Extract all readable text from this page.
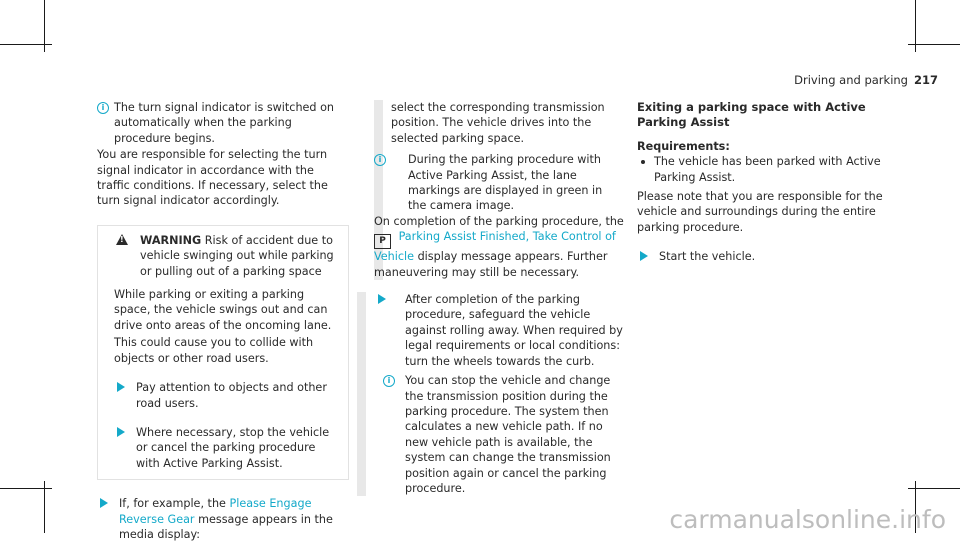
Driving and parking 217
i The turn signal indicator is switched on automatically when the parking procedure begins.

You are responsible for selecting the turn signal indicator in accordance with the traffic conditions. If necessary, select the turn signal indicator accordingly.

! WARNING Risk of accident due to vehicle swinging out while parking or pulling out of a parking space

While parking or exiting a parking space, the vehicle swings out and can drive onto areas of the oncoming lane.

This could cause you to collide with objects or other road users.

Pay attention to objects and other road users.

Where necessary, stop the vehicle or cancel the parking procedure with Active Parking Assist.

If, for example, the Please Engage Reverse Gear message appears in the media display:

select the corresponding transmission position. The vehicle drives into the selected parking space.

i	During the parking procedure with Active Parking Assist, the lane markings are displayed in green in the camera image.

On completion of the parking procedure, the
P Parking Assist Finished, Take Control of Vehicle display message appears. Further maneuvering may still be necessary.

After completion of the parking procedure, safeguard the vehicle against rolling away. When required by legal requirements or local conditions: turn the wheels towards the curb.

i	You can stop the vehicle and change the transmission position during the parking procedure. The system then calculates a new vehicle path. If no new vehicle path is available, the system can change the transmission position again or cancel the parking procedure.

Exiting a parking space with Active Parking Assist

Requirements:

The vehicle has been parked with Active Parking Assist.

Please note that you are responsible for the vehicle and surroundings during the entire parking procedure.

Start the vehicle.

carmanualsonline.info
